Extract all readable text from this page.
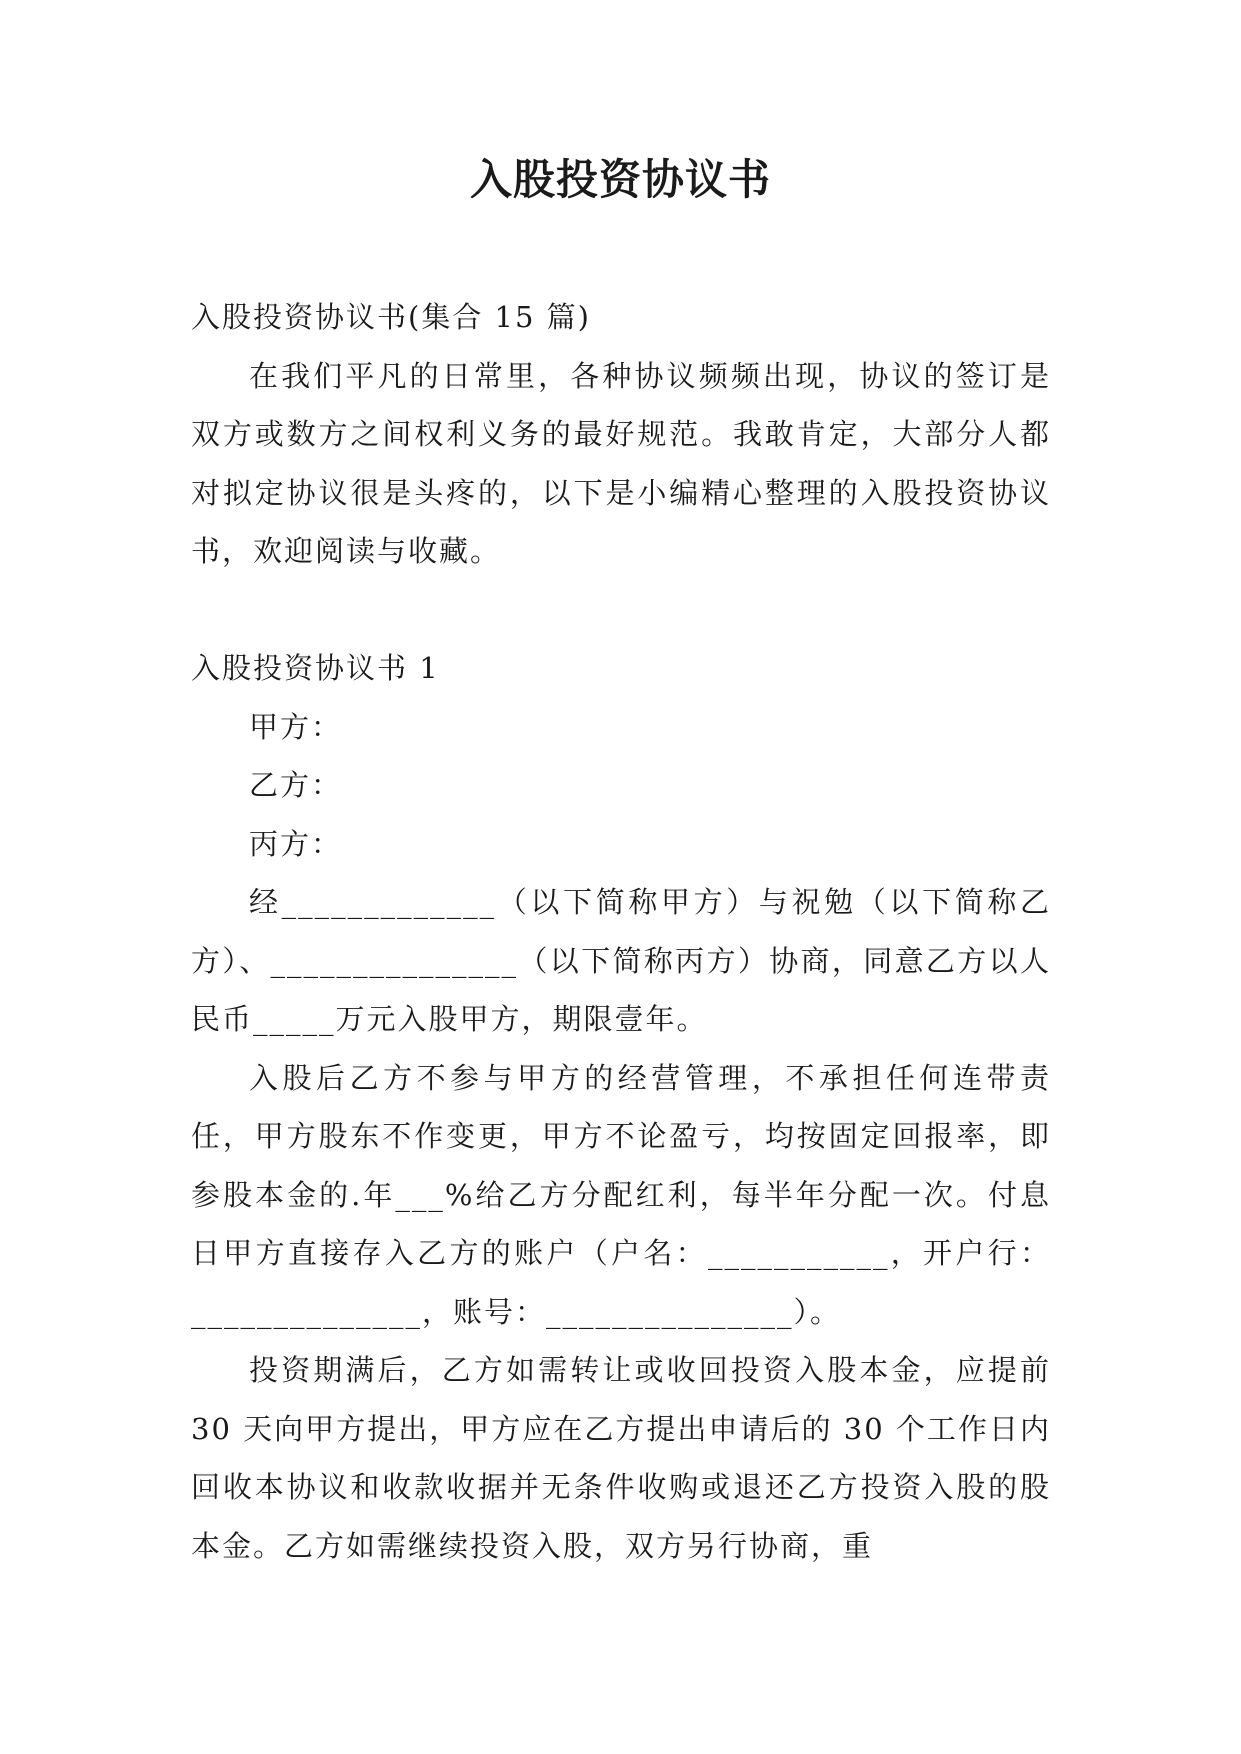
入股投资协议书

入股投资协议书(集合 15 篇)

在我们平凡的日常里，各种协议频频出现，协议的签订是双方或数方之间权利义务的最好规范。我敢肯定，大部分人都对拟定协议很是头疼的，以下是小编精心整理的入股投资协议书，欢迎阅读与收藏。

入股投资协议书 1

甲方：

乙方：

丙方：

经_____________（以下简称甲方）与祝勉（以下简称乙方）、_______________（以下简称丙方）协商，同意乙方以人民币_____万元入股甲方，期限壹年。

入股后乙方不参与甲方的经营管理，不承担任何连带责任，甲方股东不作变更，甲方不论盈亏，均按固定回报率，即参股本金的.年___%给乙方分配红利，每半年分配一次。付息日甲方直接存入乙方的账户（户名：___________，开户行：______________，账号：_______________）。

投资期满后，乙方如需转让或收回投资入股本金，应提前 30 天向甲方提出，甲方应在乙方提出申请后的 30 个工作日内回收本协议和收款收据并无条件收购或退还乙方投资入股的股本金。乙方如需继续投资入股，双方另行协商，重
